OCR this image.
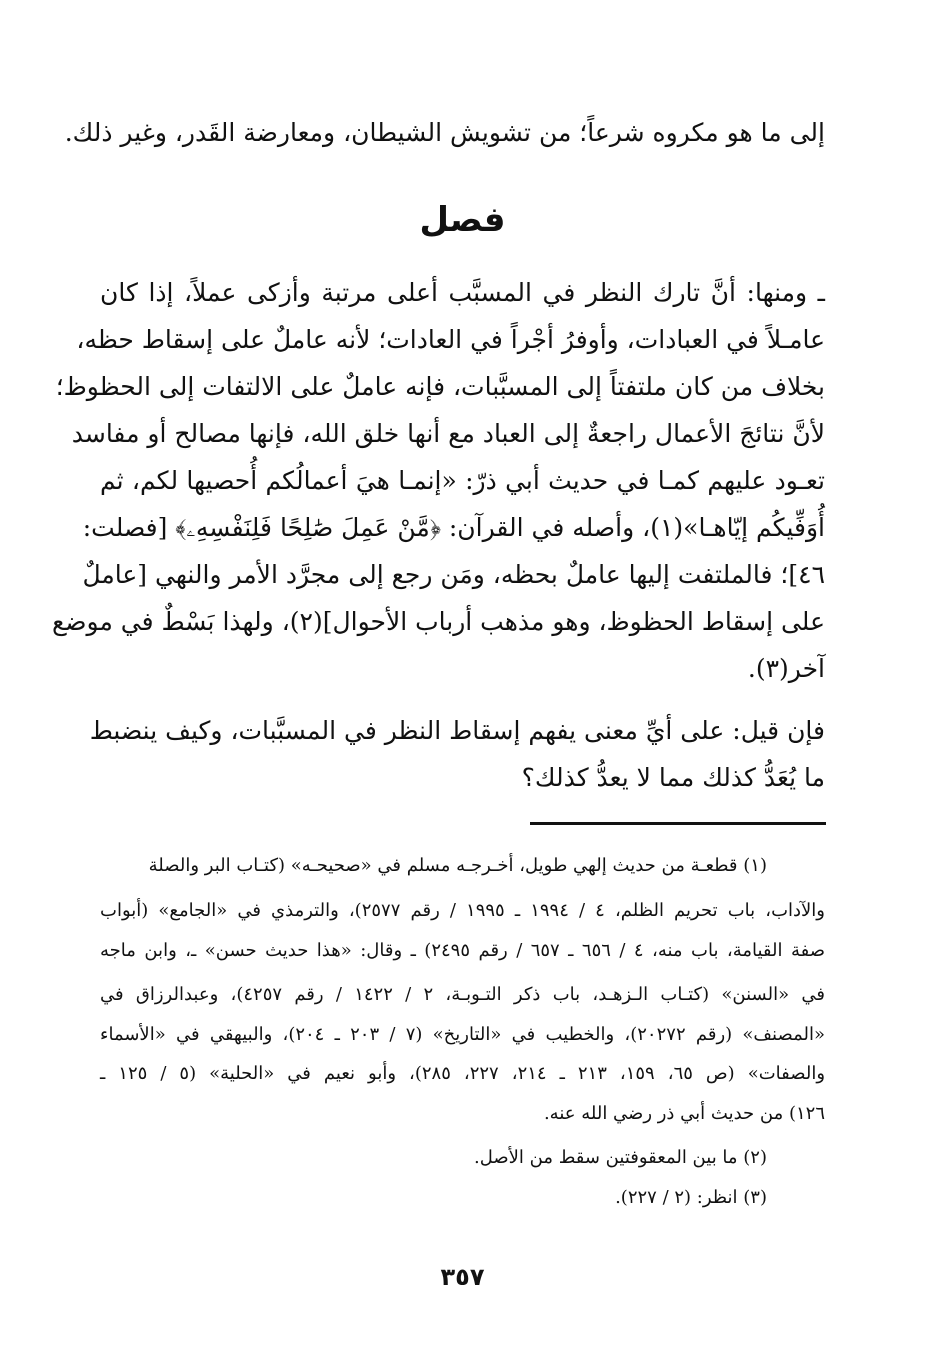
إلى ما هو مكروه شرعاً؛ من تشويش الشيطان، ومعارضة القَدر، وغير ذلك.
فصل
ـ ومنها: أنَّ تارك النظر في المسبَّب أعلى مرتبة وأزكى عملاً، إذا كان
عامـلاً في العبادات، وأوفرُ أجْراً في العادات؛ لأنه عاملٌ على إسقاط حظه،
بخلاف من كان ملتفتاً إلى المسبَّبات، فإنه عاملٌ على الالتفات إلى الحظوظ؛
لأنَّ نتائجَ الأعمال راجعةٌ إلى العباد مع أنها خلق الله، فإنها مصالح أو مفاسد
تعـود عليهم كمـا في حديث أبي ذرّ: «إنمـا هيَ أعمالُكم أُحصيها لكم، ثم
أُوَفِّيكُم إيّاهـا»(١)، وأصله في القرآن: ﴿مَّنْ عَمِلَ صَٰلِحًا فَلِنَفْسِهِۦ﴾ [فصلت:
٤٦]؛ فالملتفت إليها عاملٌ بحظه، ومَن رجع إلى مجرَّد الأمر والنهي [عاملٌ
على إسقاط الحظوظ، وهو مذهب أرباب الأحوال](٢)، ولهذا بَسْطٌ في موضع
آخر(٣).
فإن قيل: على أيِّ معنى يفهم إسقاط النظر في المسبَّبات، وكيف ينضبط
ما يُعَدُّ كذلك مما لا يعدُّ كذلك؟
(١) قطعـة من حديث إلهي طويل، أخـرجـه مسلم في «صحيحـه» (كتـاب البر والصلة
والآداب، باب تحريم الظلم، ٤ / ١٩٩٤ ـ ١٩٩٥ / رقم ٢٥٧٧)، والترمذي في «الجامع» (أبواب
صفة القيامة، باب منه، ٤ / ٦٥٦ ـ ٦٥٧ / رقم ٢٤٩٥) ـ وقال: «هذا حديث حسن» ـ، وابن ماجه
في «السنن» (كتـاب الـزهـد، باب ذكر التـوبـة، ٢ / ١٤٢٢ / رقم ٤٢٥٧)، وعبدالرزاق في
«المصنف» (رقم ٢٠٢٧٢)، والخطيب في «التاريخ» (٧ / ٢٠٣ ـ ٢٠٤)، والبيهقي في «الأسماء
والصفات» (ص ٦٥، ١٥٩، ٢١٣ ـ ٢١٤، ٢٢٧، ٢٨٥)، وأبو نعيم في «الحلية» (٥ / ١٢٥ ـ
١٢٦) من حديث أبي ذر رضي الله عنه.
(٢) ما بين المعقوفتين سقط من الأصل.
(٣) انظر: (٢ / ٢٢٧).
٣٥٧
